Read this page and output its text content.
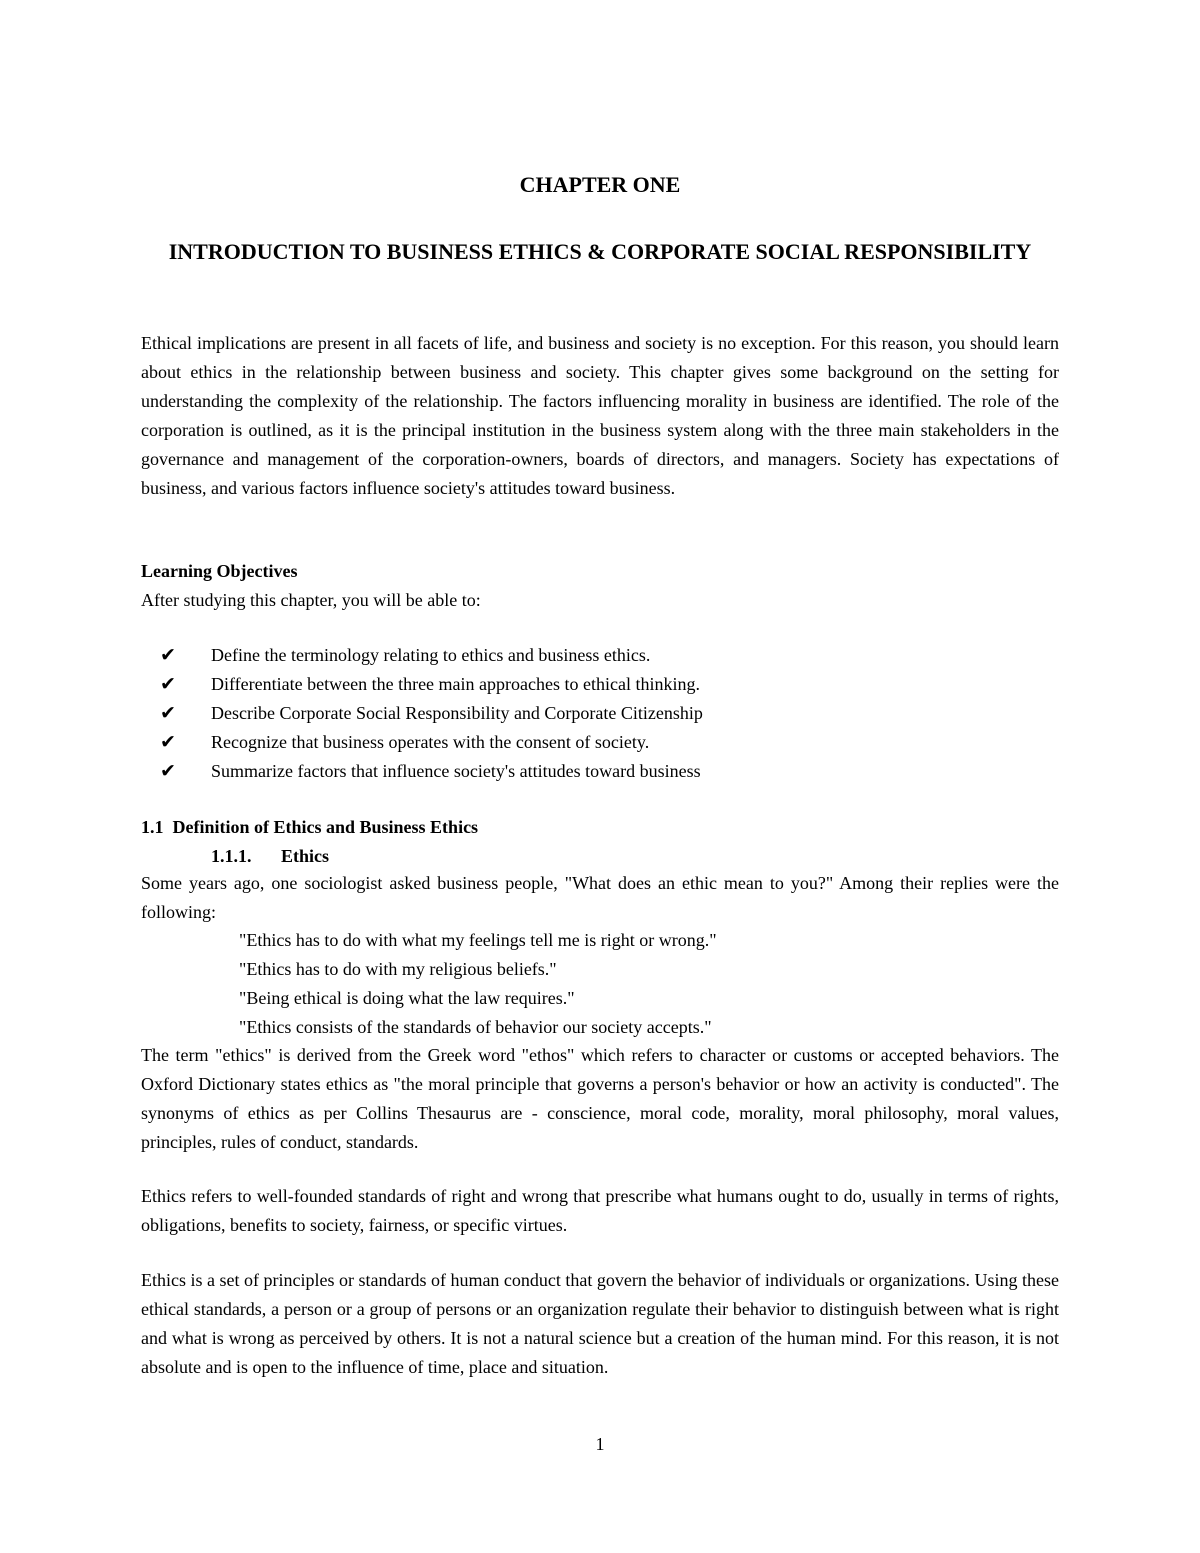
CHAPTER ONE
INTRODUCTION TO BUSINESS ETHICS & CORPORATE SOCIAL RESPONSIBILITY
Ethical implications are present in all facets of life, and business and society is no exception. For this reason, you should learn about ethics in the relationship between business and society. This chapter gives some background on the setting for understanding the complexity of the relationship. The factors influencing morality in business are identified. The role of the corporation is outlined, as it is the principal institution in the business system along with the three main stakeholders in the governance and management of the corporation-owners, boards of directors, and managers. Society has expectations of business, and various factors influence society's attitudes toward business.
Learning Objectives
After studying this chapter, you will be able to:
✔ Define the terminology relating to ethics and business ethics.
✔ Differentiate between the three main approaches to ethical thinking.
✔ Describe Corporate Social Responsibility and Corporate Citizenship
✔ Recognize that business operates with the consent of society.
✔ Summarize factors that influence society's attitudes toward business
1.1  Definition of Ethics and Business Ethics
1.1.1. Ethics
Some years ago, one sociologist asked business people, "What does an ethic mean to you?" Among their replies were the following:
"Ethics has to do with what my feelings tell me is right or wrong."
"Ethics has to do with my religious beliefs."
"Being ethical is doing what the law requires."
"Ethics consists of the standards of behavior our society accepts."
The term "ethics" is derived from the Greek word "ethos" which refers to character or customs or accepted behaviors. The Oxford Dictionary states ethics as "the moral principle that governs a person's behavior or how an activity is conducted". The synonyms of ethics as per Collins Thesaurus are - conscience, moral code, morality, moral philosophy, moral values, principles, rules of conduct, standards.
Ethics refers to well-founded standards of right and wrong that prescribe what humans ought to do, usually in terms of rights, obligations, benefits to society, fairness, or specific virtues.
Ethics is a set of principles or standards of human conduct that govern the behavior of individuals or organizations. Using these ethical standards, a person or a group of persons or an organization regulate their behavior to distinguish between what is right and what is wrong as perceived by others. It is not a natural science but a creation of the human mind. For this reason, it is not absolute and is open to the influence of time, place and situation.
1
